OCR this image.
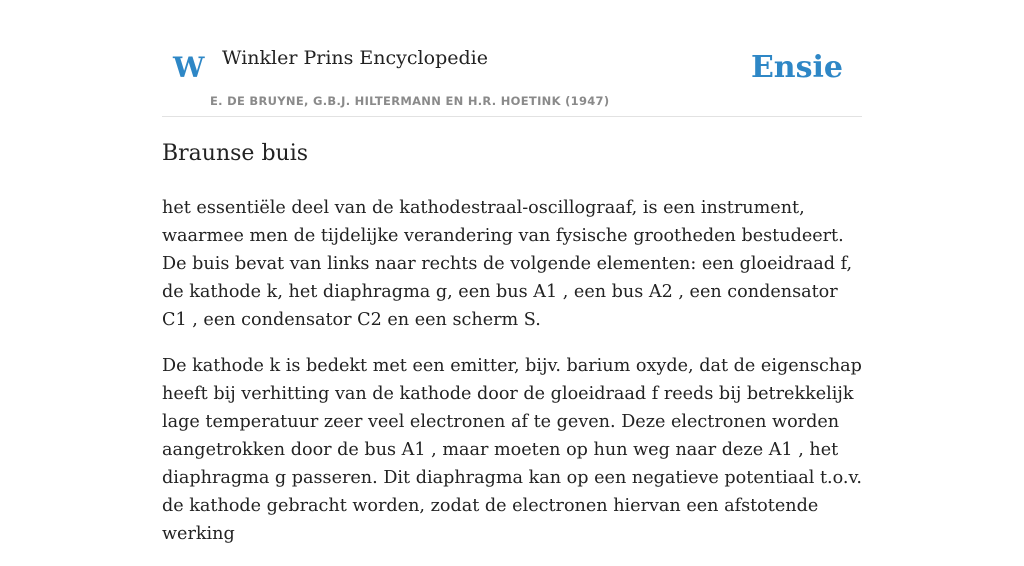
W Winkler Prins Encyclopedie
E. DE BRUYNE, G.B.J. HILTERMANN EN H.R. HOETINK (1947)
Ensie
Braunse buis

het essentiële deel van de kathodestraal-oscillograaf, is een instrument, waarmee men de tijdelijke verandering van fysische grootheden bestudeert. De buis bevat van links naar rechts de volgende elementen: een gloeidraad f, de kathode k, het diaphragma g, een bus A1 , een bus A2 , een condensator C1 , een condensator C2 en een scherm S.

De kathode k is bedekt met een emitter, bijv. barium oxyde, dat de eigenschap heeft bij verhitting van de kathode door de gloeidraad f reeds bij betrekkelijk lage temperatuur zeer veel electronen af te geven. Deze electronen worden aangetrokken door de bus A1 , maar moeten op hun weg naar deze A1 , het diaphragma g passeren. Dit diaphragma kan op een negatieve potentiaal t.o.v. de kathode gebracht worden, zodat de electronen hiervan een afstotende werking
